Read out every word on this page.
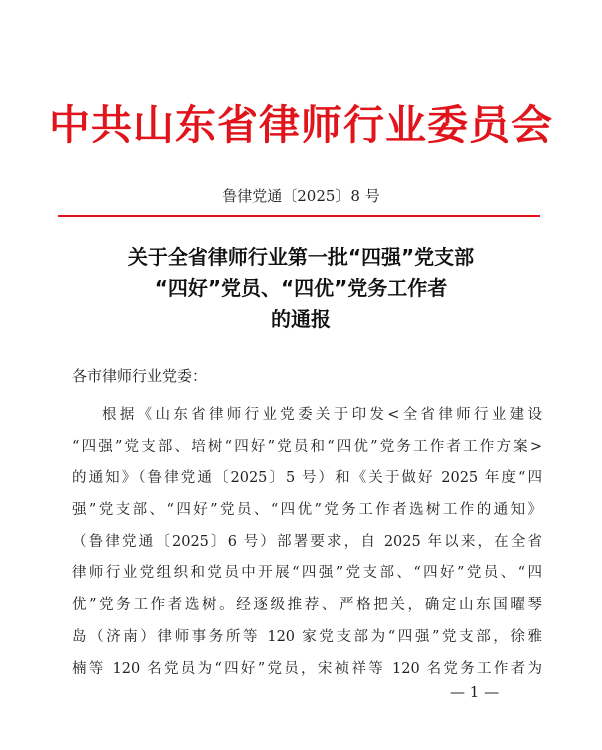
中共山东省律师行业委员会
鲁律党通〔2025〕8 号
关于全省律师行业第一批“四强”党支部
“四好”党员、“四优”党务工作者
的通报
各市律师行业党委：
根据《山东省律师行业党委关于印发<全省律师行业建设
“四强”党支部、培树“四好”党员和“四优”党务工作者工作方案>
的通知》（鲁律党通〔2025〕5 号）和《关于做好 2025 年度“四
强”党支部、“四好”党员、“四优”党务工作者选树工作的通知》
（鲁律党通〔2025〕6 号）部署要求，自 2025 年以来，在全省
律师行业党组织和党员中开展“四强”党支部、“四好”党员、“四
优”党务工作者选树。经逐级推荐、严格把关，确定山东国曜琴
岛（济南）律师事务所等 120 家党支部为“四强”党支部，徐雅
楠等 120 名党员为“四好”党员，宋祯祥等 120 名党务工作者为
— 1 —
